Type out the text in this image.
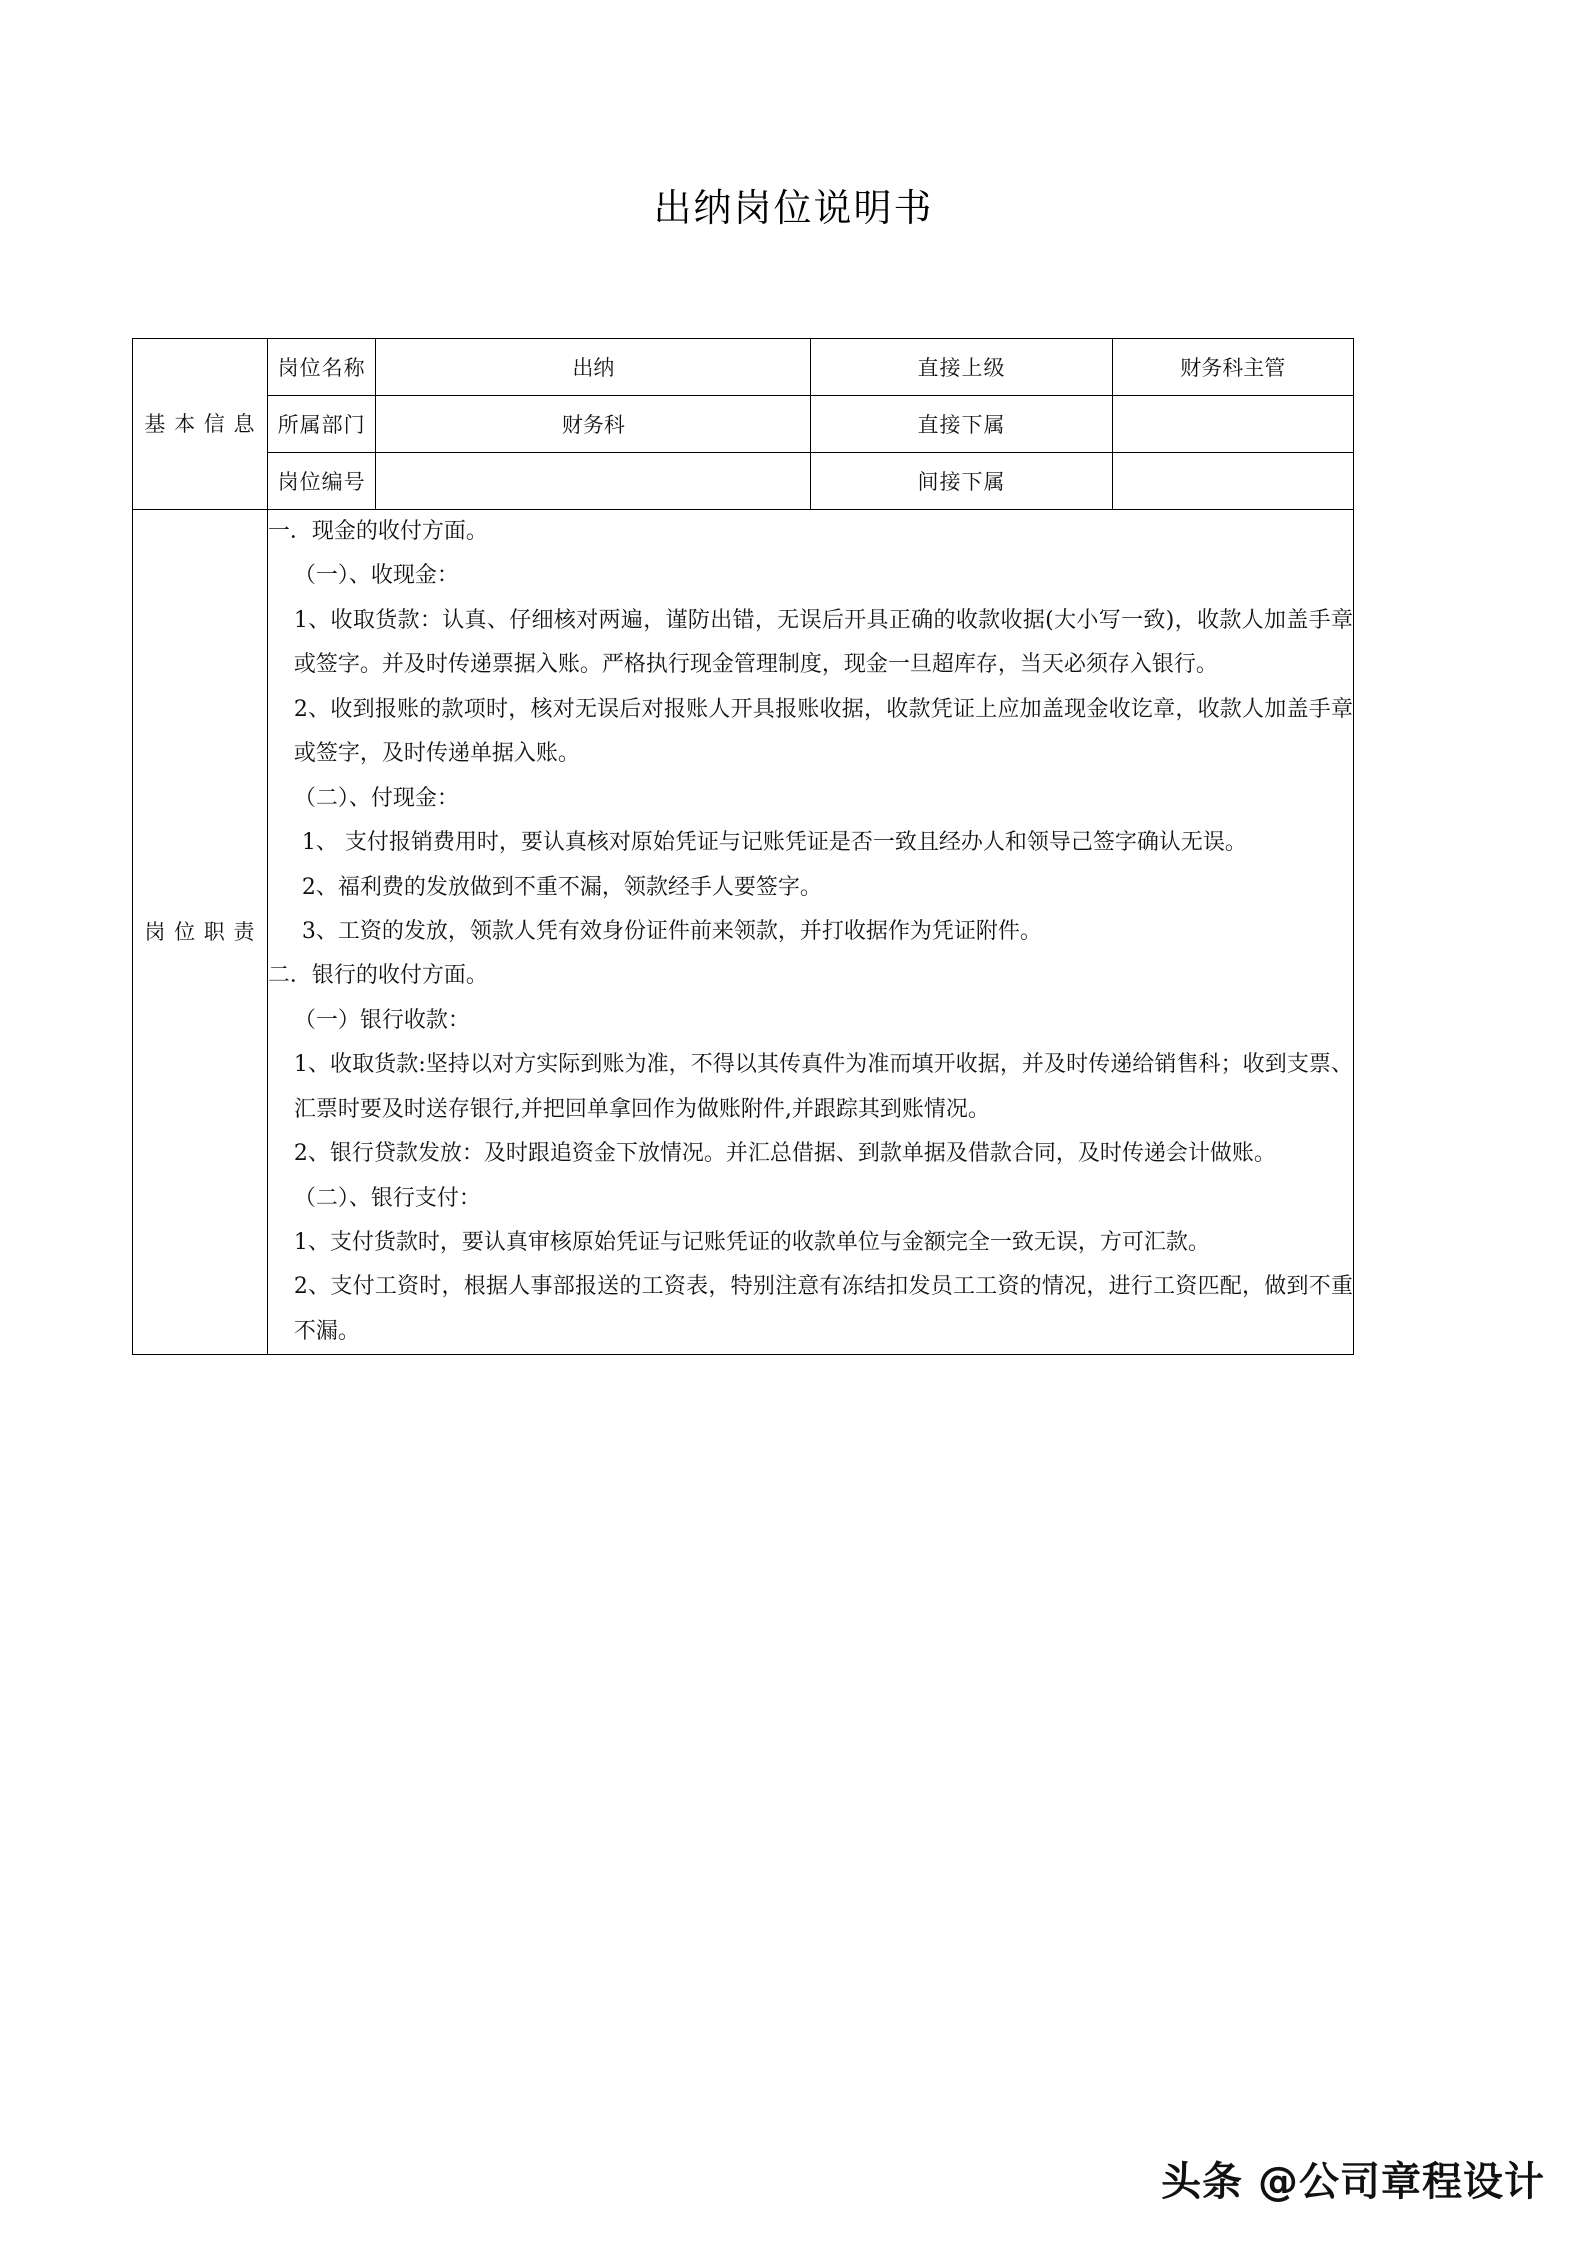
出纳岗位说明书
基 本 信 息	岗位名称	出纳	直接上级	财务科主管
	所属部门	财务科	直接下属	
	岗位编号		间接下属	
岗 位 职 责	

一．现金的收付方面。

（一）、收现金：

1、收取货款：认真、仔细核对两遍，谨防出错，无误后开具正确的收款收据(大小写一致)，收款人加盖手章或签字。并及时传递票据入账。严格执行现金管理制度，现金一旦超库存，当天必须存入银行。

2、收到报账的款项时，核对无误后对报账人开具报账收据，收款凭证上应加盖现金收讫章，收款人加盖手章或签字，及时传递单据入账。

（二）、付现金：

1、 支付报销费用时，要认真核对原始凭证与记账凭证是否一致且经办人和领导己签字确认无误。

2、福利费的发放做到不重不漏，领款经手人要签字。

3、工资的发放，领款人凭有效身份证件前来领款，并打收据作为凭证附件。

二．银行的收付方面。

（一）银行收款：

1、收取货款:坚持以对方实际到账为准，不得以其传真件为准而填开收据，并及时传递给销售科；收到支票、汇票时要及时送存银行,并把回单拿回作为做账附件,并跟踪其到账情况。

2、银行贷款发放：及时跟追资金下放情况。并汇总借据、到款单据及借款合同，及时传递会计做账。

（二）、银行支付：

1、支付货款时，要认真审核原始凭证与记账凭证的收款单位与金额完全一致无误，方可汇款。

2、支付工资时，根据人事部报送的工资表，特别注意有冻结扣发员工工资的情况，进行工资匹配，做到不重不漏。

头条 @公司章程设计
